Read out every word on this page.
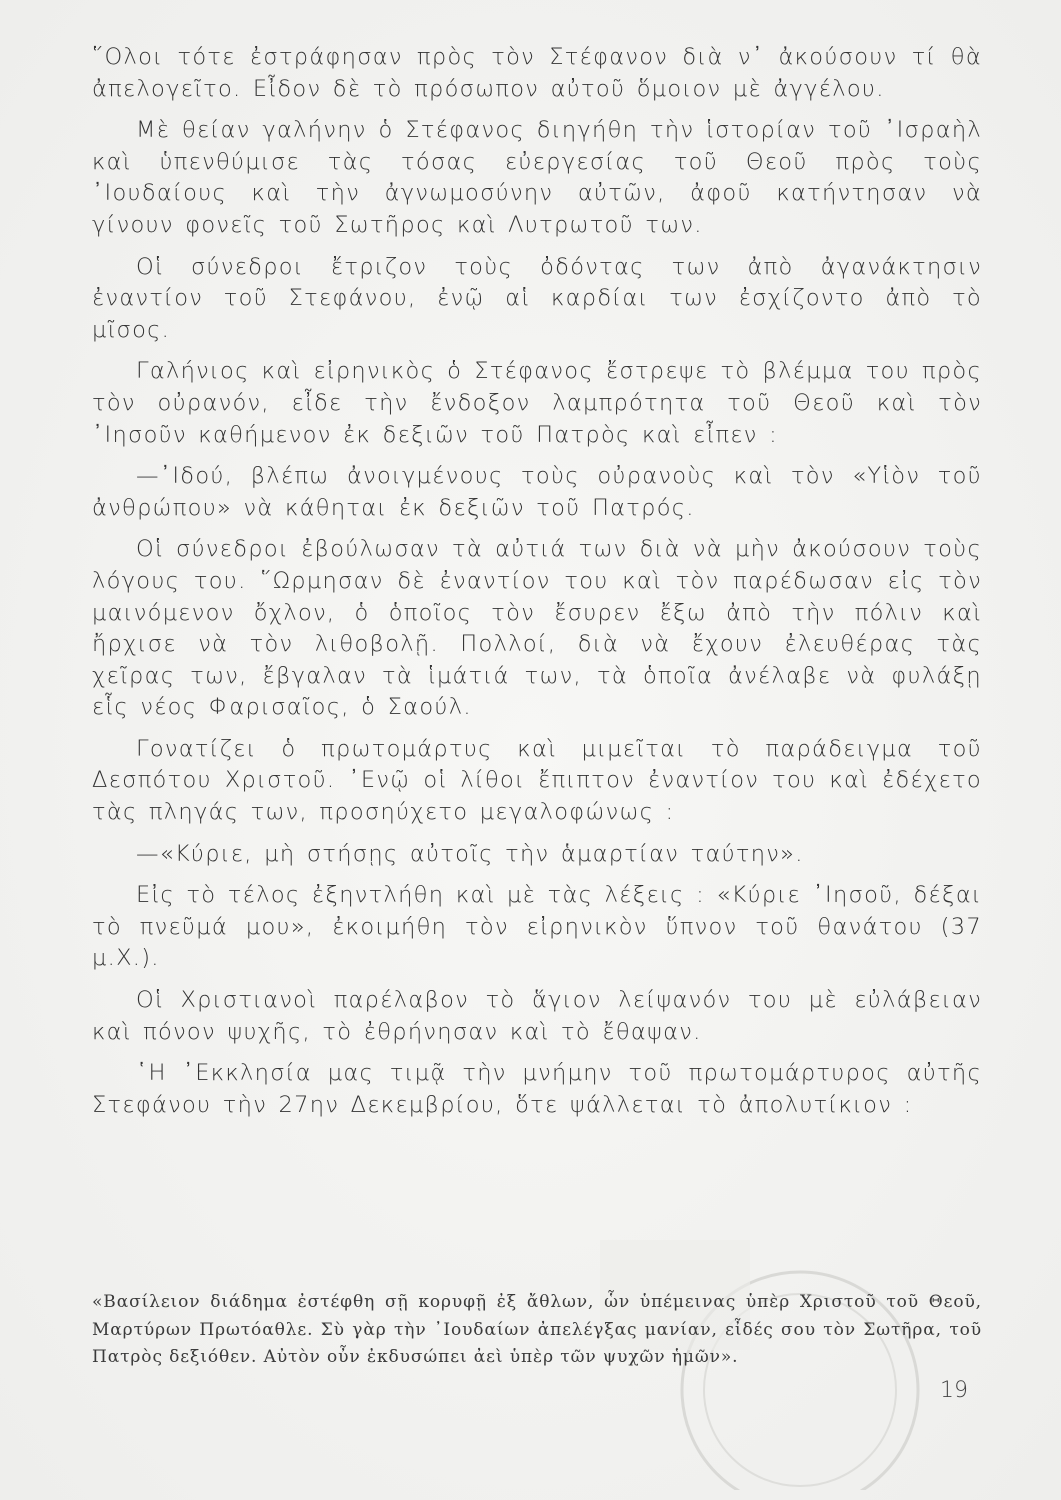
῞Ολοι τότε ἐστράφησαν πρὸς τὸν Στέφανον διὰ ν᾽ ἀκούσουν τί θὰ ἀπελογεῖτο. Εἶδον δὲ τὸ πρόσωπον αὐτοῦ ὅμοιον μὲ ἀγγέλου.

Μὲ θείαν γαλήνην ὁ Στέφανος διηγήθη τὴν ἱστορίαν τοῦ ᾿Ισραὴλ καὶ ὑπενθύμισε τὰς τόσας εὐεργεσίας τοῦ Θεοῦ πρὸς τοὺς ᾿Ιουδαίους καὶ τὴν ἀγνωμοσύνην αὐτῶν, ἀφοῦ κατήντησαν νὰ γίνουν φονεῖς τοῦ Σωτῆρος καὶ Λυτρωτοῦ των.

Οἱ σύνεδροι ἔτριζον τοὺς ὀδόντας των ἀπὸ ἀγανάκτησιν ἐναντίον τοῦ Στεφάνου, ἐνῷ αἱ καρδίαι των ἐσχίζοντο ἀπὸ τὸ μῖσος.

Γαλήνιος καὶ εἰρηνικὸς ὁ Στέφανος ἔστρεψε τὸ βλέμμα του πρὸς τὸν οὐρανόν, εἶδε τὴν ἔνδοξον λαμπρότητα τοῦ Θεοῦ καὶ τὸν ᾿Ιησοῦν καθήμενον ἐκ δεξιῶν τοῦ Πατρὸς καὶ εἶπεν :

—᾿Ιδού, βλέπω ἀνοιγμένους τοὺς οὐρανοὺς καὶ τὸν «Υἱὸν τοῦ ἀνθρώπου» νὰ κάθηται ἐκ δεξιῶν τοῦ Πατρός.

Οἱ σύνεδροι ἐβούλωσαν τὰ αὐτιά των διὰ νὰ μὴν ἀκούσουν τοὺς λόγους του. ῞Ωρμησαν δὲ ἐναντίον του καὶ τὸν παρέδωσαν εἰς τὸν μαινόμενον ὄχλον, ὁ ὁποῖος τὸν ἔσυρεν ἔξω ἀπὸ τὴν πόλιν καὶ ἤρχισε νὰ τὸν λιθοβολῇ. Πολλοί, διὰ νὰ ἔχουν ἐλευθέρας τὰς χεῖρας των, ἔβγαλαν τὰ ἱμάτιά των, τὰ ὁποῖα ἀνέλαβε νὰ φυλάξῃ εἷς νέος Φαρισαῖος, ὁ Σαούλ.

Γονατίζει ὁ πρωτομάρτυς καὶ μιμεῖται τὸ παράδειγμα τοῦ Δεσπότου Χριστοῦ. ᾿Ενῷ οἱ λίθοι ἔπιπτον ἐναντίον του καὶ ἐδέχετο τὰς πληγάς των, προσηύχετο μεγαλοφώνως :

—«Κύριε, μὴ στήσῃς αὐτοῖς τὴν ἁμαρτίαν ταύτην».

Εἰς τὸ τέλος ἐξηντλήθη καὶ μὲ τὰς λέξεις : «Κύριε ᾿Ιησοῦ, δέξαι τὸ πνεῦμά μου», ἐκοιμήθη τὸν εἰρηνικὸν ὕπνον τοῦ θανάτου (37 μ.Χ.).

Οἱ Χριστιανοὶ παρέλαβον τὸ ἅγιον λείψανόν του μὲ εὐλάβειαν καὶ πόνον ψυχῆς, τὸ ἐθρήνησαν καὶ τὸ ἔθαψαν.

῾Η ᾿Εκκλησία μας τιμᾷ τὴν μνήμην τοῦ πρωτομάρτυρος αὐτῆς Στεφάνου τὴν 27ην Δεκεμβρίου, ὅτε ψάλλεται τὸ ἀπολυτίκιον :

«Βασίλειον διάδημα ἐστέφθη σῇ κορυφῇ ἐξ ἄθλων, ὧν ὑπέμεινας ὑπὲρ Χριστοῦ τοῦ Θεοῦ, Μαρτύρων Πρωτόαθλε. Σὺ γὰρ τὴν ᾿Ιουδαίων ἀπελέγξας μανίαν, εἶδές σου τὸν Σωτῆρα, τοῦ Πατρὸς δεξιόθεν. Αὐτὸν οὖν ἐκδυσώπει ἀεὶ ὑπὲρ τῶν ψυχῶν ἡμῶν».

19
